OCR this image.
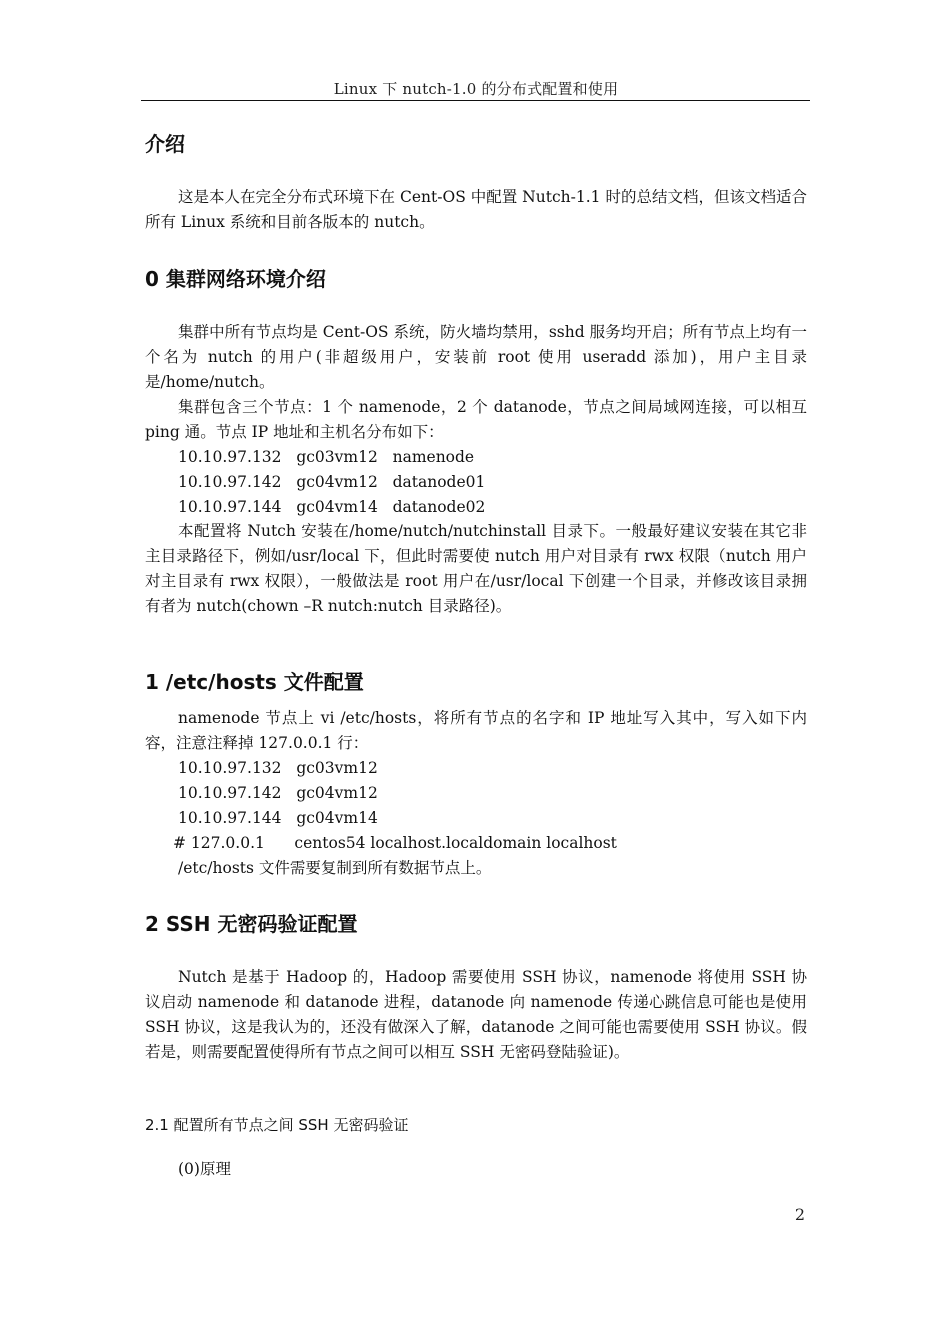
Linux 下 nutch-1.0 的分布式配置和使用
介绍
这是本人在完全分布式环境下在 Cent-OS 中配置 Nutch-1.1 时的总结文档，但该文档适合所有 Linux 系统和目前各版本的 nutch。
0 集群网络环境介绍
集群中所有节点均是 Cent-OS 系统，防火墙均禁用，sshd 服务均开启；所有节点上均有一个名为 nutch 的用户(非超级用户，安装前 root 使用 useradd 添加)，用户主目录是/home/nutch。
集群包含三个节点：1 个 namenode，2 个 datanode，节点之间局域网连接，可以相互 ping 通。节点 IP 地址和主机名分布如下：
10.10.97.132   gc03vm12   namenode
10.10.97.142   gc04vm12   datanode01
10.10.97.144   gc04vm14   datanode02
本配置将 Nutch 安装在/home/nutch/nutchinstall 目录下。一般最好建议安装在其它非主目录路径下，例如/usr/local 下，但此时需要使 nutch 用户对目录有 rwx 权限（nutch 用户对主目录有 rwx 权限），一般做法是 root 用户在/usr/local 下创建一个目录，并修改该目录拥有者为 nutch(chown –R nutch:nutch 目录路径)。
1 /etc/hosts 文件配置
namenode 节点上 vi /etc/hosts，将所有节点的名字和 IP 地址写入其中，写入如下内容，注意注释掉 127.0.0.1 行：
10.10.97.132   gc03vm12
10.10.97.142   gc04vm12
10.10.97.144   gc04vm14
# 127.0.0.1      centos54 localhost.localdomain localhost
/etc/hosts 文件需要复制到所有数据节点上。
2 SSH 无密码验证配置
Nutch 是基于 Hadoop 的，Hadoop 需要使用 SSH 协议，namenode 将使用 SSH 协议启动 namenode 和 datanode 进程，datanode 向 namenode 传递心跳信息可能也是使用 SSH 协议，这是我认为的，还没有做深入了解，datanode 之间可能也需要使用 SSH 协议。假若是，则需要配置使得所有节点之间可以相互 SSH 无密码登陆验证)。
2.1 配置所有节点之间 SSH 无密码验证
(0)原理
2
